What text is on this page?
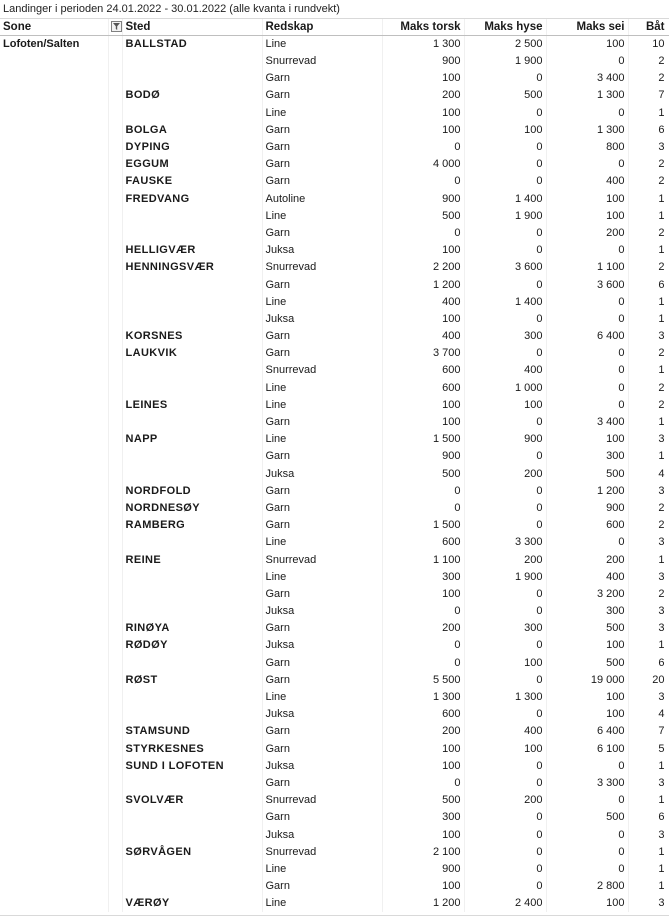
Landinger i perioden 24.01.2022 - 30.01.2022 (alle kvanta i rundvekt)
Sone		Sted	Redskap	Maks torsk	Maks hyse	Maks sei	Båt
Lofoten/Salten		BALLSTAD	Line	1 300	2 500	100	10
			Snurrevad	900	1 900	0	2
			Garn	100	0	3 400	2
		BODØ	Garn	200	500	1 300	7
			Line	100	0	0	1
		BOLGA	Garn	100	100	1 300	6
		DYPING	Garn	0	0	800	3
		EGGUM	Garn	4 000	0	0	2
		FAUSKE	Garn	0	0	400	2
		FREDVANG	Autoline	900	1 400	100	1
			Line	500	1 900	100	1
			Garn	0	0	200	2
		HELLIGVÆR	Juksa	100	0	0	1
		HENNINGSVÆR	Snurrevad	2 200	3 600	1 100	2
			Garn	1 200	0	3 600	6
			Line	400	1 400	0	1
			Juksa	100	0	0	1
		KORSNES	Garn	400	300	6 400	3
		LAUKVIK	Garn	3 700	0	0	2
			Snurrevad	600	400	0	1
			Line	600	1 000	0	2
		LEINES	Line	100	100	0	2
			Garn	100	0	3 400	1
		NAPP	Line	1 500	900	100	3
			Garn	900	0	300	1
			Juksa	500	200	500	4
		NORDFOLD	Garn	0	0	1 200	3
		NORDNESØY	Garn	0	0	900	2
		RAMBERG	Garn	1 500	0	600	2
			Line	600	3 300	0	3
		REINE	Snurrevad	1 100	200	200	1
			Line	300	1 900	400	3
			Garn	100	0	3 200	2
			Juksa	0	0	300	3
		RINØYA	Garn	200	300	500	3
		RØDØY	Juksa	0	0	100	1
			Garn	0	100	500	6
		RØST	Garn	5 500	0	19 000	20
			Line	1 300	1 300	100	3
			Juksa	600	0	100	4
		STAMSUND	Garn	200	400	6 400	7
		STYRKESNES	Garn	100	100	6 100	5
		SUND I LOFOTEN	Juksa	100	0	0	1
			Garn	0	0	3 300	3
		SVOLVÆR	Snurrevad	500	200	0	1
			Garn	300	0	500	6
			Juksa	100	0	0	3
		SØRVÅGEN	Snurrevad	2 100	0	0	1
			Line	900	0	0	1
			Garn	100	0	2 800	1
		VÆRØY	Line	1 200	2 400	100	3
